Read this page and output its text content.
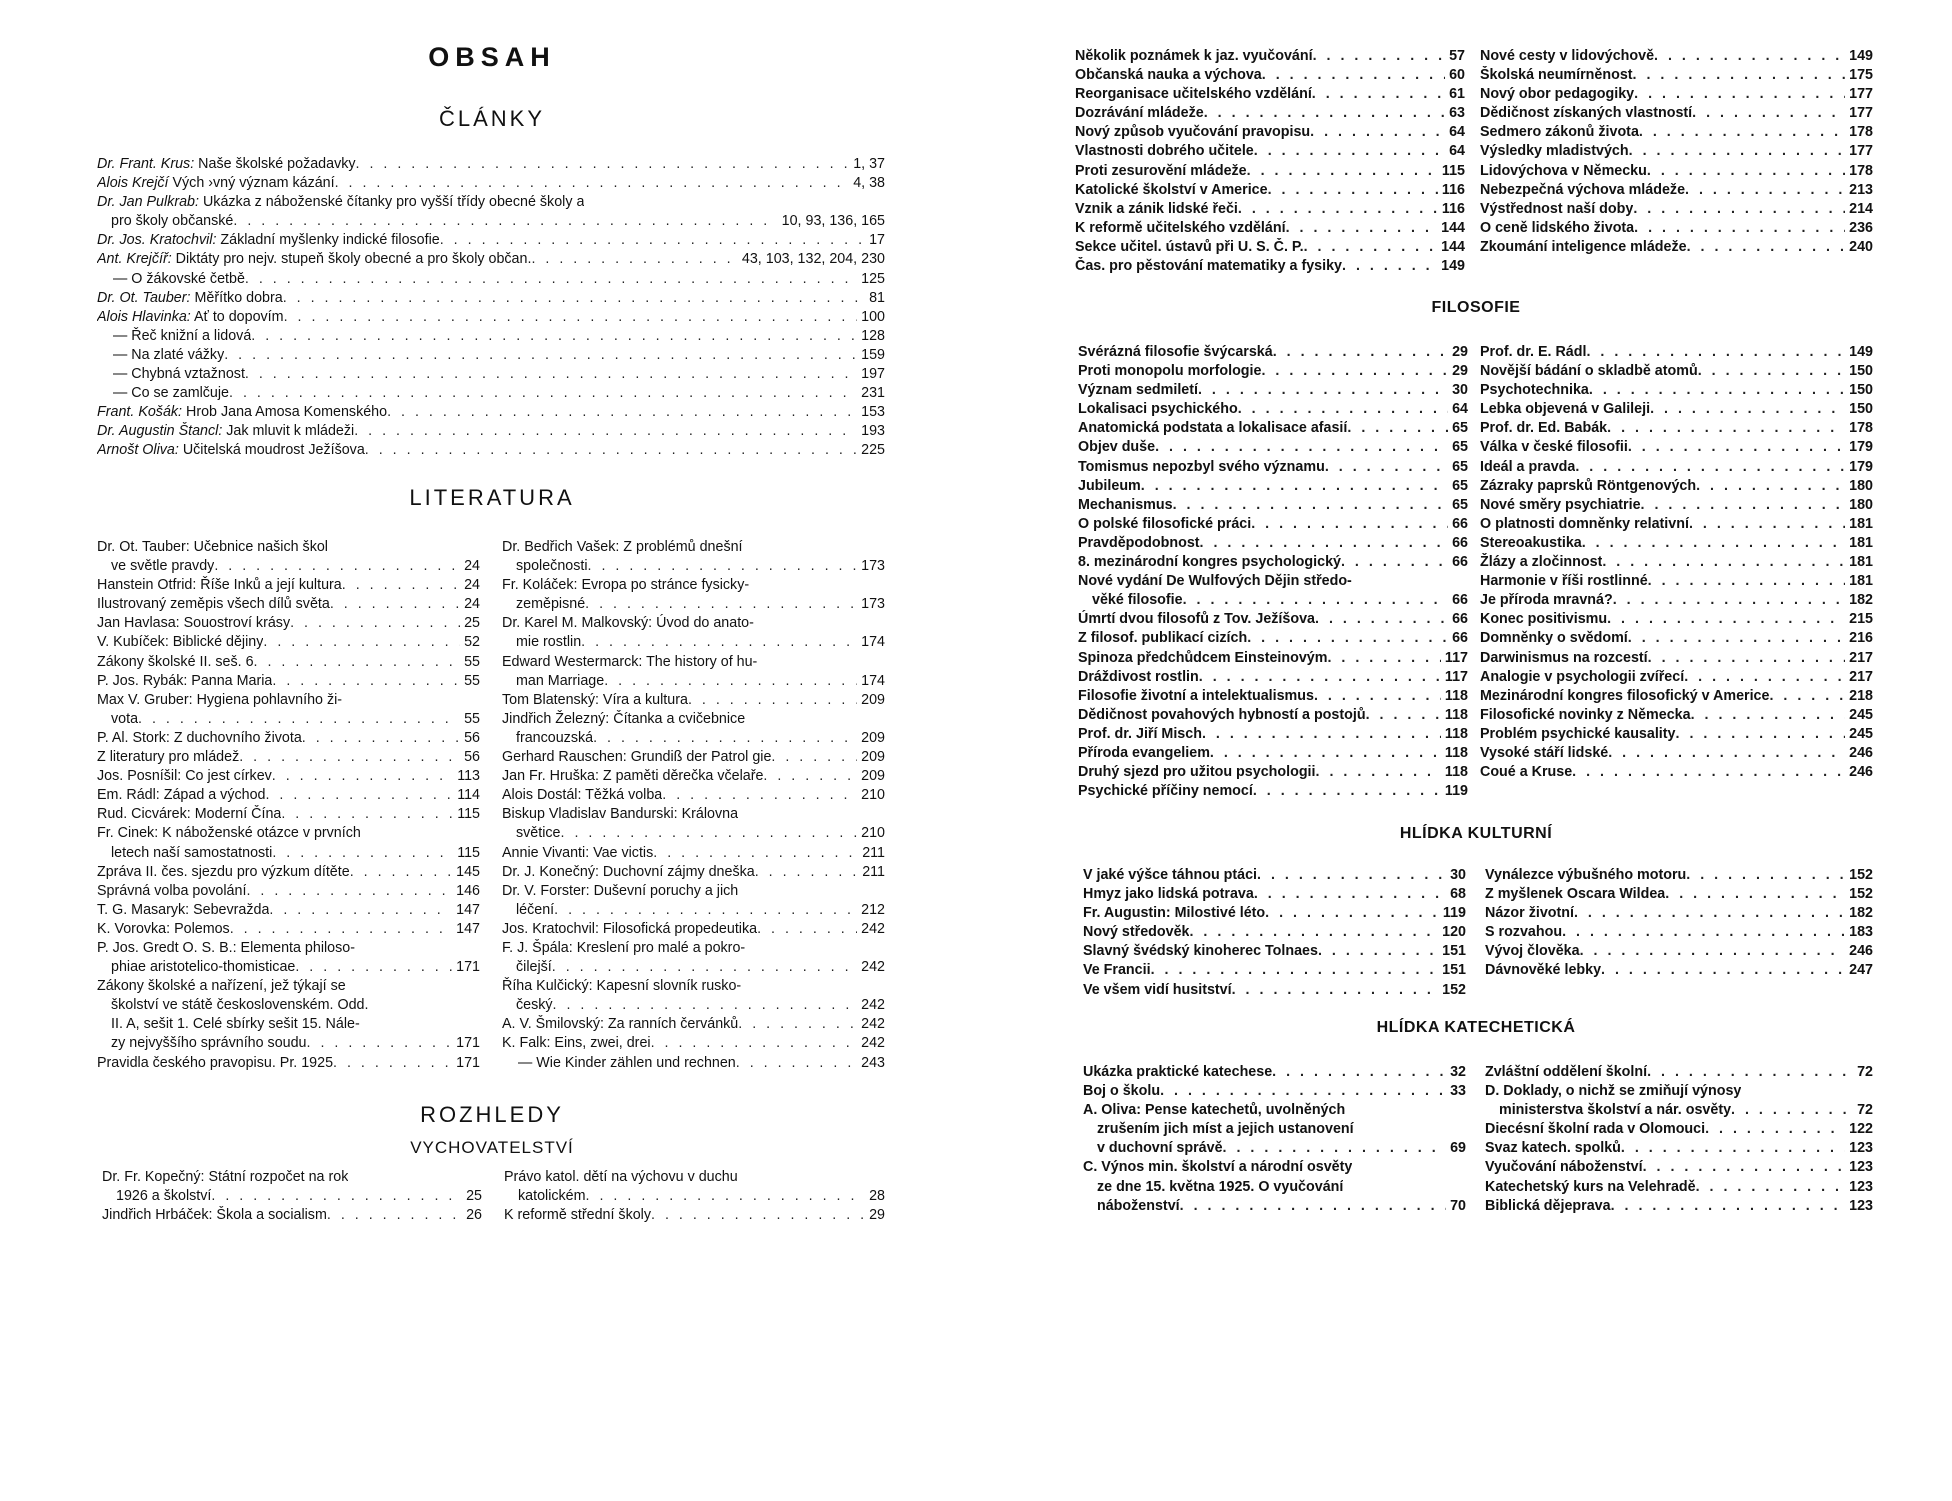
OBSAH
ČLÁNKY
Dr. Frant. Krus: Naše školské požadavky . . .	1, 37
Alois Krejčí Vých ›vný význam kázání . . .	4, 38
Dr. Jan Pulkrab: Ukázka z náboženské čítanky pro vyšší třídy obecné školy a
pro školy občanské . . .	10, 93, 136, 165
Dr. Jos. Kratochvil: Základní myšlenky indické filosofie . . .	17
Ant. Krejčíř: Diktáty pro nejv. stupeň školy obecné a pro školy občan. . . .	43, 103, 132, 204, 230
— O žákovské četbě . . .	125
Dr. Ot. Tauber: Měřítko dobra . . .	81
Alois Hlavinka: Ať to dopovím . . .	100
— Řeč knižní a lidová . . .	128
— Na zlaté vážky . . .	159
— Chybná vztažnost . . .	197
— Co se zamlčuje . . .	231
Frant. Košák: Hrob Jana Amosa Komenského . . .	153
Dr. Augustin Štancl: Jak mluvit k mládeži . . .	193
Arnošt Oliva: Učitelská moudrost Ježíšova . . .	225
LITERATURA
Dr. Ot. Tauber: Učebnice našich škol
ve světle pravdy . . .	24
Hanstein Otfrid: Říše Inků a její kultura . . .	24
Ilustrovaný zeměpis všech dílů světa . . .	24
Jan Havlasa: Souostroví krásy . . .	25
V. Kubíček: Biblické dějiny . . .	52
Zákony školské II. seš. 6 . . .	55
P. Jos. Rybák: Panna Maria . . .	55
Max V. Gruber: Hygiena pohlavního ži-
vota . . .	55
P. Al. Stork: Z duchovního života . . .	56
Z literatury pro mládež . . .	56
Jos. Posníšil: Co jest církev . . .	113
Em. Rádl: Západ a východ . . .	114
Rud. Cicvárek: Moderní Čína . . .	115
Fr. Cinek: K náboženské otázce v prvních
letech naší samostatnosti . . .	115
Zpráva II. čes. sjezdu pro výzkum dítěte . . .	145
Správná volba povolání . . .	146
T. G. Masaryk: Sebevražda . . .	147
K. Vorovka: Polemos . . .	147
P. Jos. Gredt O. S. B.: Elementa philoso-
phiae aristotelico-thomisticae . . .	171
Zákony školské a nařízení, jež týkají se
školství ve státě československém. Odd.
II. A, sešit 1. Celé sbírky sešit 15. Nále-
zy nejvyššího správního soudu . . .	171
Pravidla českého pravopisu. Pr. 1925 . . .	171
Dr. Bedřich Vašek: Z problémů dnešní
společnosti . . .	173
Fr. Koláček: Evropa po stránce fysicky-
zeměpisné . . .	173
Dr. Karel M. Malkovský: Úvod do anato-
mie rostlin . . .	174
Edward Westermarck: The history of hu-
man Marriage . . .	174
Tom Blatenský: Víra a kultura . . .	209
Jindřich Železný: Čítanka a cvičebnice
francouzská . . .	209
Gerhard Rauschen: Grundiß der Patrol gie . . .	209
Jan Fr. Hruška: Z paměti děrečka včelaře . . .	209
Alois Dostál: Těžká volba . . .	210
Biskup Vladislav Bandurski: Královna
světice . . .	210
Annie Vivanti: Vae victis . . .	211
Dr. J. Konečný: Duchovní zájmy dneška . . .	211
Dr. V. Forster: Duševní poruchy a jich
léčení . . .	212
Jos. Kratochvil: Filosofická propedeutika . . .	242
F. J. Špála: Kreslení pro malé a pokro-
čilejší . . .	242
Říha Kulčický: Kapesní slovník rusko-
český . . .	242
A. V. Šmilovský: Za ranních červánků . . .	242
K. Falk: Eins, zwei, drei . . .	242
— Wie Kinder zählen und rechnen . . .	243
ROZHLEDY
VYCHOVATELSTVÍ
Dr. Fr. Kopečný: Státní rozpočet na rok
1926 a školství . . .	25
Jindřich Hrbáček: Škola a socialism . . .	26
Právo katol. dětí na výchovu v duchu
katolickém . . .	28
K reformě střední školy . . .	29
Několik poznámek k jaz. vyučování . . .	57
Občanská nauka a výchova . . .	60
Reorganisace učitelského vzdělání . . .	61
Dozrávání mládeže . . .	63
Nový způsob vyučování pravopisu . . .	64
Vlastnosti dobrého učitele . . .	64
Proti zesurovění mládeže . . .	115
Katolické školství v Americe . . .	116
Vznik a zánik lidské řeči . . .	116
K reformě učitelského vzdělání . . .	144
Sekce učitel. ústavů při U. S. Č. P. . . .	144
Čas. pro pěstování matematiky a fysiky . . .	149
Nové cesty v lidovýchově . . .	149
Školská neumírněnost . . .	175
Nový obor pedagogiky . . .	177
Dědičnost získaných vlastností . . .	177
Sedmero zákonů života . . .	178
Výsledky mladistvých . . .	177
Lidovýchova v Německu . . .	178
Nebezpečná výchova mládeže . . .	213
Výstřednost naší doby . . .	214
O ceně lidského života . . .	236
Zkoumání inteligence mládeže . . .	240
FILOSOFIE
Svérázná filosofie švýcarská . . .	29
Proti monopolu morfologie . . .	29
Význam sedmiletí . . .	30
Lokalisaci psychického . . .	64
Anatomická podstata a lokalisace afasií . . .	65
Objev duše . . .	65
Tomismus nepozbyl svého významu . . .	65
Jubileum . . .	65
Mechanismus . . .	65
O polské filosofické práci . . .	66
Pravděpodobnost . . .	66
8. mezinárodní kongres psychologický . . .	66
Nové vydání De Wulfových Dějin středo-
věké filosofie . . .	66
Úmrtí dvou filosofů z Tov. Ježíšova . . .	66
Z filosof. publikací cizích . . .	66
Spinoza předchůdcem Einsteinovým . . .	117
Dráždivost rostlin . . .	117
Filosofie životní a intelektualismus . . .	118
Dědičnost povahových hybností a postojů . . .	118
Prof. dr. Jiří Misch . . .	118
Příroda evangeliem . . .	118
Druhý sjezd pro užitou psychologii . . .	118
Psychické příčiny nemocí . . .	119
Prof. dr. E. Rádl . . .	149
Novější bádání o skladbě atomů . . .	150
Psychotechnika . . .	150
Lebka objevená v Galileji . . .	150
Prof. dr. Ed. Babák . . .	178
Válka v české filosofii . . .	179
Ideál a pravda . . .	179
Zázraky paprsků Röntgenových . . .	180
Nové směry psychiatrie . . .	180
O platnosti domněnky relativní . . .	181
Stereoakustika . . .	181
Žlázy a zločinnost . . .	181
Harmonie v říši rostlinné . . .	181
Je příroda mravná? . . .	182
Konec positivismu . . .	215
Domněnky o svědomí . . .	216
Darwinismus na rozcestí . . .	217
Analogie v psychologii zvířecí . . .	217
Mezinárodní kongres filosofický v Americe . . .	218
Filosofické novinky z Německa . . .	245
Problém psychické kausality . . .	245
Vysoké stáří lidské . . .	246
Coué a Kruse . . .	246
HLÍDKA KULTURNÍ
V jaké výšce táhnou ptáci . . .	30
Hmyz jako lidská potrava . . .	68
Fr. Augustin: Milostivé léto . . .	119
Nový středověk . . .	120
Slavný švédský kinoherec Tolnaes . . .	151
Ve Francii . . .	151
Ve všem vidí husitství . . .	152
Vynálezce výbušného motoru . . .	152
Z myšlenek Oscara Wildea . . .	152
Názor životní . . .	182
S rozvahou . . .	183
Vývoj člověka . . .	246
Dávnověké lebky . . .	247
HLÍDKA KATECHETICKÁ
Ukázka praktické katechese . . .	32
Boj o školu . . .	33
A. Oliva: Pense katechetů, uvolněných
zrušením jich míst a jejich ustanovení
v duchovní správě . . .	69
C. Výnos min. školství a národní osvěty
ze dne 15. května 1925. O vyučování
náboženství . . .	70
Zvláštní oddělení školní . . .	72
D. Doklady, o nichž se zmiňují výnosy
ministerstva školství a nár. osvěty . . .	72
Diecésní školní rada v Olomouci . . .	122
Svaz katech. spolků . . .	123
Vyučování náboženství . . .	123
Katechetský kurs na Velehradě . . .	123
Biblická dějeprava . . .	123
